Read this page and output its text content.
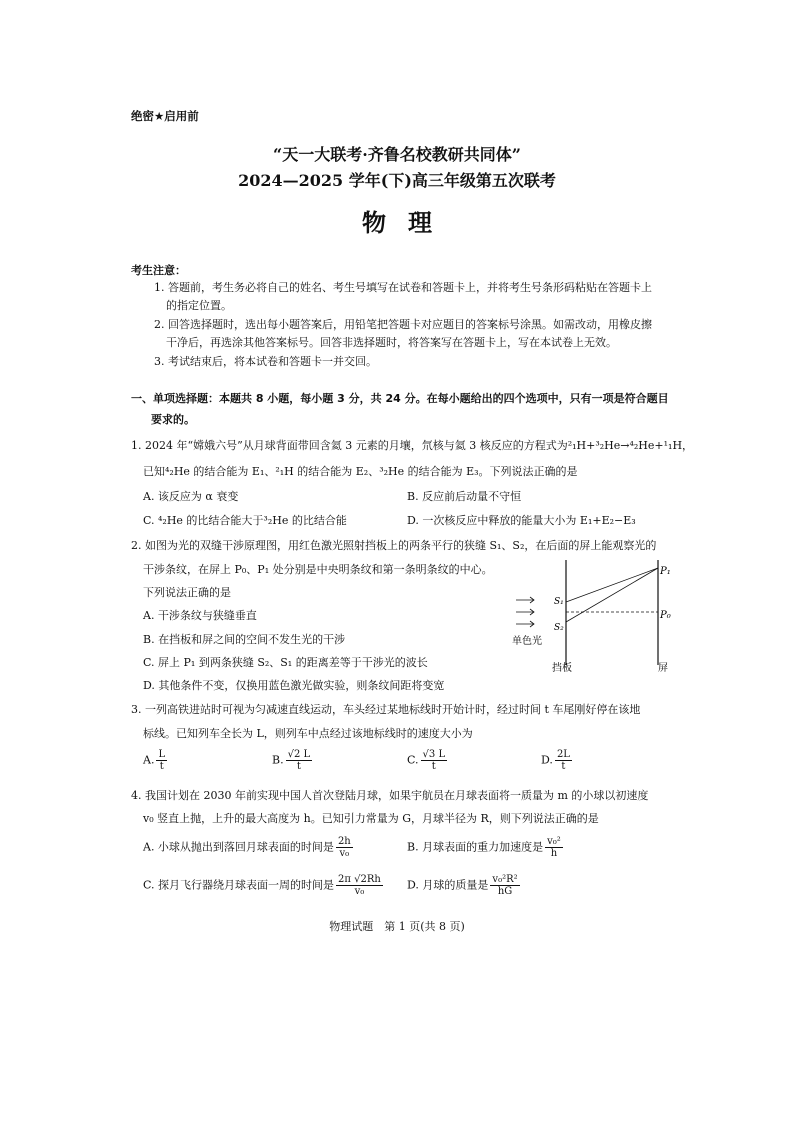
绝密★启用前
“天一大联考·齐鲁名校教研共同体”
2024—2025 学年(下)高三年级第五次联考
物理
考生注意：
1. 答题前，考生务必将自己的姓名、考生号填写在试卷和答题卡上，并将考生号条形码粘贴在答题卡上
的指定位置。
2. 回答选择题时，选出每小题答案后，用铅笔把答题卡对应题目的答案标号涂黑。如需改动，用橡皮擦
干净后，再选涂其他答案标号。回答非选择题时，将答案写在答题卡上，写在本试卷上无效。
3. 考试结束后，将本试卷和答题卡一并交回。
一、单项选择题：本题共 8 小题，每小题 3 分，共 24 分。在每小题给出的四个选项中，只有一项是符合题目
要求的。
1. 2024 年“嫦娥六号”从月球背面带回含氦 3 元素的月壤，氘核与氦 3 核反应的方程式为²₁H+³₂He→⁴₂He+¹₁H，
已知⁴₂He 的结合能为 E₁、²₁H 的结合能为 E₂、³₂He 的结合能为 E₃。下列说法正确的是
A. 该反应为 α 衰变	B. 反应前后动量不守恒
C. ⁴₂He 的比结合能大于³₂He 的比结合能	D. 一次核反应中释放的能量大小为 E₁+E₂−E₃
2. 如图为光的双缝干涉原理图，用红色激光照射挡板上的两条平行的狭缝 S₁、S₂，在后面的屏上能观察光的
干涉条纹，在屏上 P₀、P₁ 处分别是中央明条纹和第一条明条纹的中心。
下列说法正确的是
A. 干涉条纹与狭缝垂直
B. 在挡板和屏之间的空间不发生光的干涉
C. 屏上 P₁ 到两条狭缝 S₂、S₁ 的距离差等于干涉光的波长
D. 其他条件不变，仅换用蓝色激光做实验，则条纹间距将变宽
P₁
P₀
S₁
S₂
单色光
挡板	屏
3. 一列高铁进站时可视为匀减速直线运动，车头经过某地标线时开始计时，经过时间 t 车尾刚好停在该地
标线。已知列车全长为 L，则列车中点经过该地标线时的速度大小为
A. $\frac{L}{t}$	B. $\frac{√2 L}{t}$	C. $\frac{√3 L}{t}$	D. $\frac{2L}{t}$
4. 我国计划在 2030 年前实现中国人首次登陆月球，如果宇航员在月球表面将一质量为 m 的小球以初速度
v₀ 竖直上抛，上升的最大高度为 h。已知引力常量为 G，月球半径为 R，则下列说法正确的是
A. 小球从抛出到落回月球表面的时间是 $\frac{2h}{\text{v₀}}$	B. 月球表面的重力加速度是 $\frac{\text{v₀²}}{h}$
C. 探月飞行器绕月球表面一周的时间是 $\frac{2\pi √2Rh}{\text{v₀}} D$. 月球的质量是 $\frac{\text{v₀²R²}}{hG}$
物理试题　第 1 页(共 8 页)
